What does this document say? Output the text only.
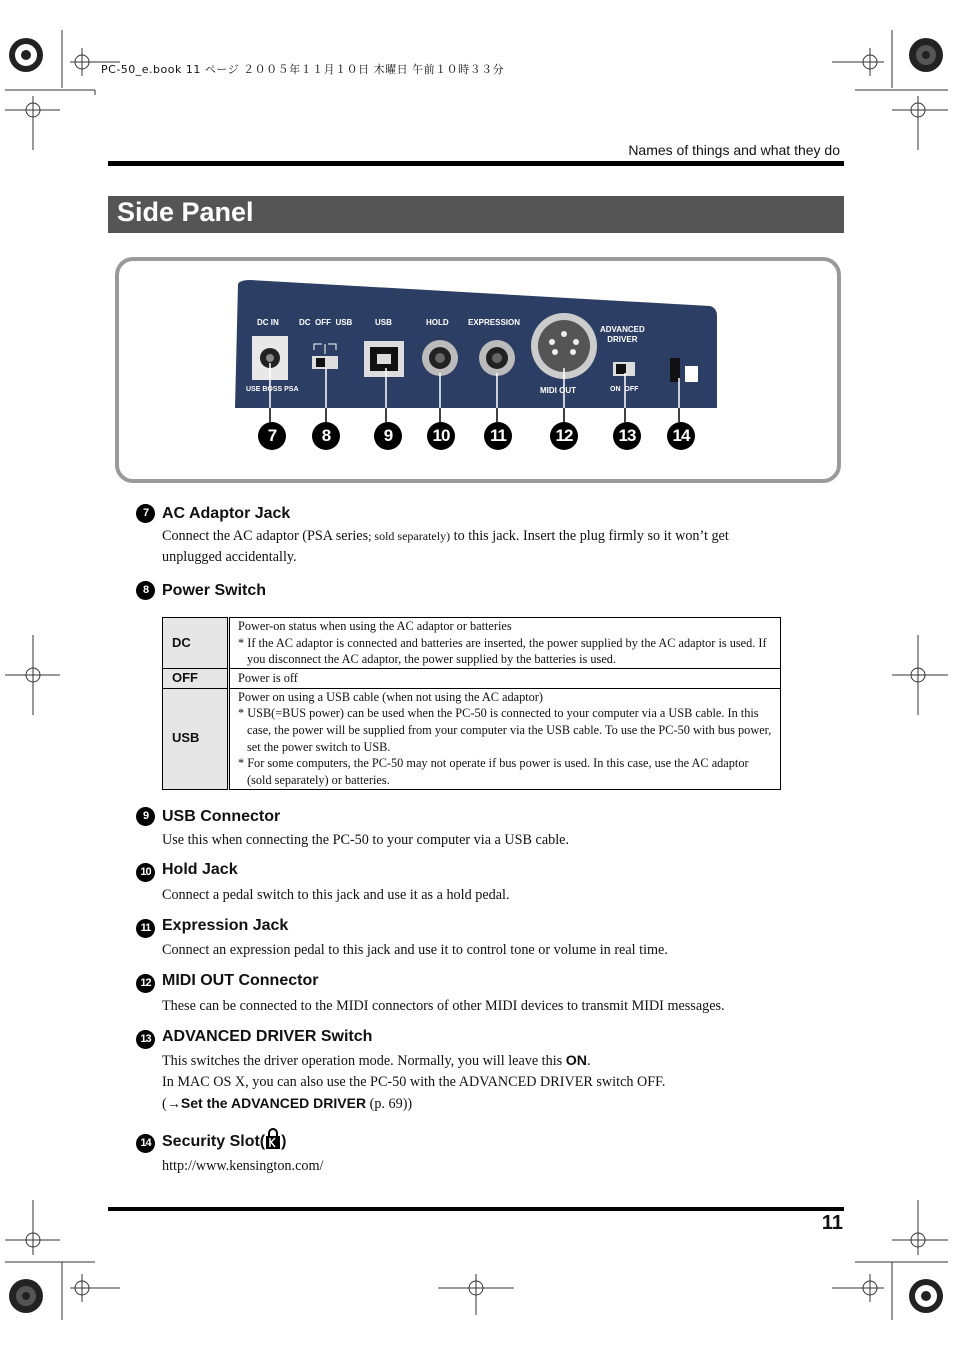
PC-50_e.book 11 ページ ２００５年１１月１０日 木曜日 午前１０時３３分
Names of things and what they do
Side Panel
DC IN	DC  OFF  USB	USB	HOLD EXPRESSION
ADVANCED
DRIVER
USE BOSS PSA	MIDI OUT	ON  OFF
7	8	9	10	11	12	13	14
7 AC Adaptor Jack
Connect the AC adaptor (PSA series; sold separately) to this jack. Insert the plug firmly so it won’t get
unplugged accidentally.
8 Power Switch
DC	Power-on status when using the AC adaptor or batteries
* If the AC adaptor is connected and batteries are inserted, the power supplied by the AC adaptor is used. If you disconnect the AC adaptor, the power supplied by the batteries is used.

OFF	Power is off

USB	Power on using a USB cable (when not using the AC adaptor)
* USB(=BUS power) can be used when the PC-50 is connected to your computer via a USB cable. In this case, the power will be supplied from your computer via the USB cable. To use the PC-50 with bus power, set the power switch to USB.
* For some computers, the PC-50 may not operate if bus power is used. In this case, use the AC adaptor (sold separately) or batteries.
9 USB Connector
Use this when connecting the PC-50 to your computer via a USB cable.
10 Hold Jack
Connect a pedal switch to this jack and use it as a hold pedal.
11 Expression Jack
Connect an expression pedal to this jack and use it to control tone or volume in real time.
12 MIDI OUT Connector
These can be connected to the MIDI connectors of other MIDI devices to transmit MIDI messages.
13 ADVANCED DRIVER Switch
This switches the driver operation mode. Normally, you will leave this ON.
In MAC OS X, you can also use the PC-50 with the ADVANCED DRIVER switch OFF.
(→Set the ADVANCED DRIVER (p. 69))
14 Security Slot( )
http://www.kensington.com/
11
